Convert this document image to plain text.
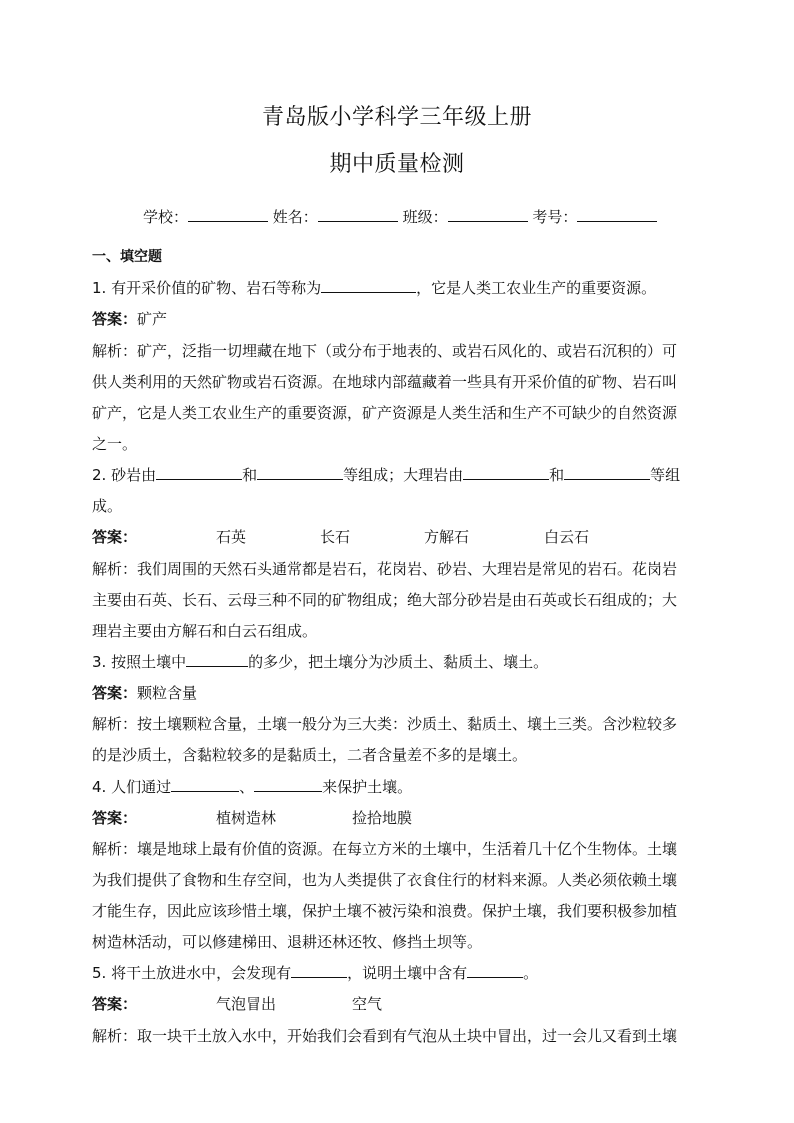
青岛版小学科学三年级上册
期中质量检测
学校：	姓名：	班级：	考号：
一、填空题
1. 有开采价值的矿物、岩石等称为	，它是人类工农业生产的重要资源。
答案：矿产
解析：矿产，泛指一切埋藏在地下（或分布于地表的、或岩石风化的、或岩石沉积的）可
供人类利用的天然矿物或岩石资源。在地球内部蕴藏着一些具有开采价值的矿物、岩石叫
矿产，它是人类工农业生产的重要资源，矿产资源是人类生活和生产不可缺少的自然资源
之一。
2. 砂岩由	和	等组成；大理岩由	和	等组
成。
答案：	石英	长石	方解石	白云石
解析：我们周围的天然石头通常都是岩石，花岗岩、砂岩、大理岩是常见的岩石。花岗岩
主要由石英、长石、云母三种不同的矿物组成；绝大部分砂岩是由石英或长石组成的；大
理岩主要由方解石和白云石组成。
3. 按照土壤中	的多少，把土壤分为沙质土、黏质土、壤土。
答案：颗粒含量
解析：按土壤颗粒含量，土壤一般分为三大类：沙质土、黏质土、壤土三类。含沙粒较多
的是沙质土，含黏粒较多的是黏质土，二者含量差不多的是壤土。
4. 人们通过	、	来保护土壤。
答案：	植树造林	捡拾地膜
解析：壤是地球上最有价值的资源。在每立方米的土壤中，生活着几十亿个生物体。土壤
为我们提供了食物和生存空间，也为人类提供了衣食住行的材料来源。人类必须依赖土壤
才能生存，因此应该珍惜土壤，保护土壤不被污染和浪费。保护土壤，我们要积极参加植
树造林活动，可以修建梯田、退耕还林还牧、修挡土坝等。
5. 将干土放进水中，会发现有	，说明土壤中含有	。
答案：	气泡冒出	空气
解析：取一块干土放入水中，开始我们会看到有气泡从土块中冒出，过一会儿又看到土壤
